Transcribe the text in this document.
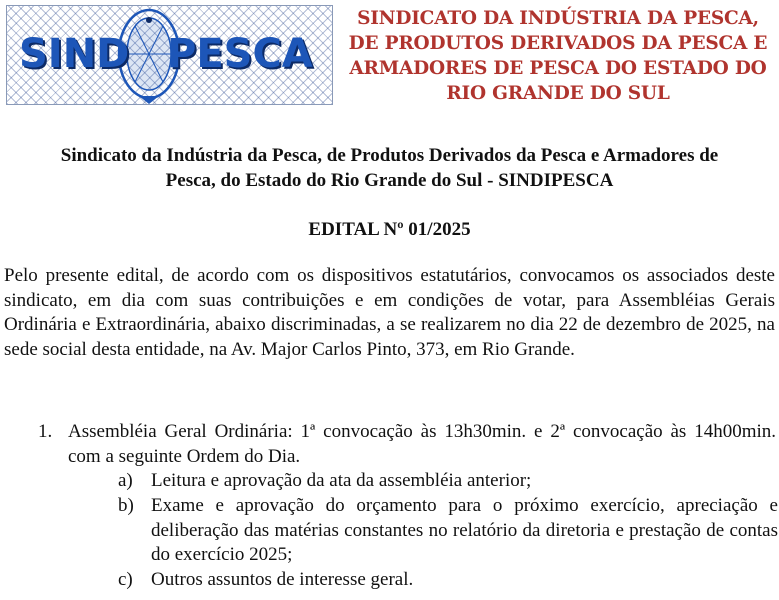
SIND PESCA
SINDICATO DA INDÚSTRIA DA PESCA,
DE PRODUTOS DERIVADOS DA PESCA E
ARMADORES DE PESCA DO ESTADO DO
RIO GRANDE DO SUL
Sindicato da Indústria da Pesca, de Produtos Derivados da Pesca e Armadores de
Pesca, do Estado do Rio Grande do Sul - SINDIPESCA
EDITAL Nº 01/2025
Pelo presente edital, de acordo com os dispositivos estatutários, convocamos os associados deste sindicato, em dia com suas contribuições e em condições de votar, para Assembléias Gerais Ordinária e Extraordinária, abaixo discriminadas, a se realizarem no dia 22 de dezembro de 2025, na sede social desta entidade, na Av. Major Carlos Pinto, 373, em Rio Grande.
1. Assembléia Geral Ordinária: 1ª convocação às 13h30min. e 2ª convocação às 14h00min. com a seguinte Ordem do Dia.
a) Leitura e aprovação da ata da assembléia anterior;
b) Exame e aprovação do orçamento para o próximo exercício, apreciação e deliberação das matérias constantes no relatório da diretoria e prestação de contas do exercício 2025;
c) Outros assuntos de interesse geral.
